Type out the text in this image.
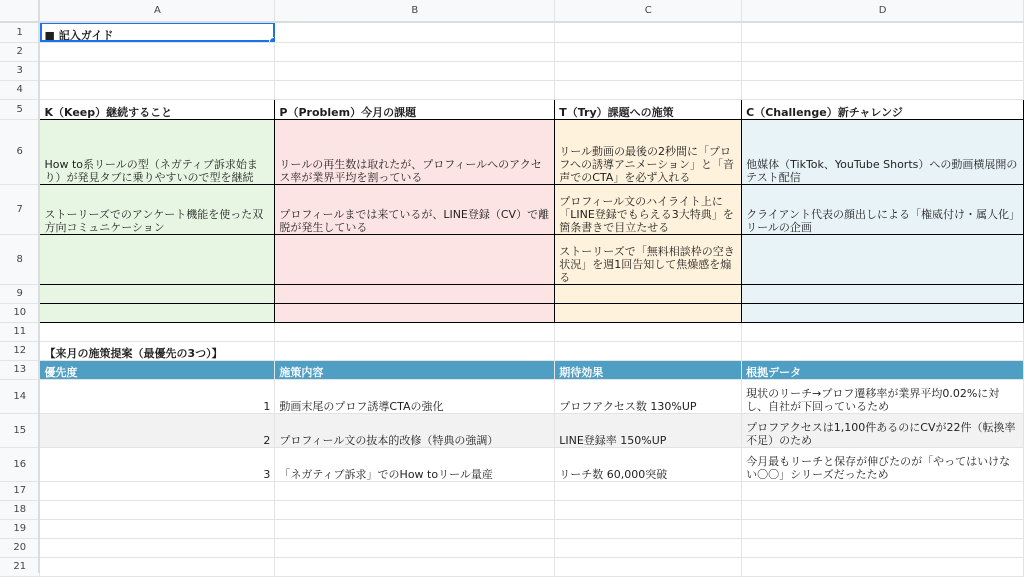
	A	B	C	D
1	■ 記入ガイド

2				
3				
4				
5	K（Keep）継続すること	P（Problem）今月の課題	T（Try）課題への施策	C（Challenge）新チャレンジ
6	How to系リールの型（ネガティブ訴求始まり）が発見タブに乗りやすいので型を継続	リールの再生数は取れたが、プロフィールへのアクセス率が業界平均を割っている	リール動画の最後の2秒間に「プロフへの誘導アニメーション」と「音声でのCTA」を必ず入れる	他媒体（TikTok、YouTube Shorts）への動画横展開のテスト配信
7	ストーリーズでのアンケート機能を使った双方向コミュニケーション	プロフィールまでは来ているが、LINE登録（CV）で離脱が発生している	プロフィール文のハイライト上に「LINE登録でもらえる3大特典」を箇条書きで目立たせる	クライアント代表の顔出しによる「権威付け・属人化」リールの企画
8			ストーリーズで「無料相談枠の空き状況」を週1回告知して焦燥感を煽る	
9				
10				
11				
12	【来月の施策提案（最優先の3つ）】			
13	優先度	施策内容	期待効果	根拠データ
14	1	動画末尾のプロフ誘導CTAの強化	プロフアクセス数 130%UP	現状のリーチ→プロフ遷移率が業界平均0.02%に対し、自社が下回っているため
15	2	プロフィール文の抜本的改修（特典の強調）	LINE登録率 150%UP	プロフアクセスは1,100件あるのにCVが22件（転換率不足）のため
16	3	「ネガティブ訴求」でのHow toリール量産	リーチ数 60,000突破	今月最もリーチと保存が伸びたのが「やってはいけない〇〇」シリーズだったため
17				
18				
19				
20				
21				
